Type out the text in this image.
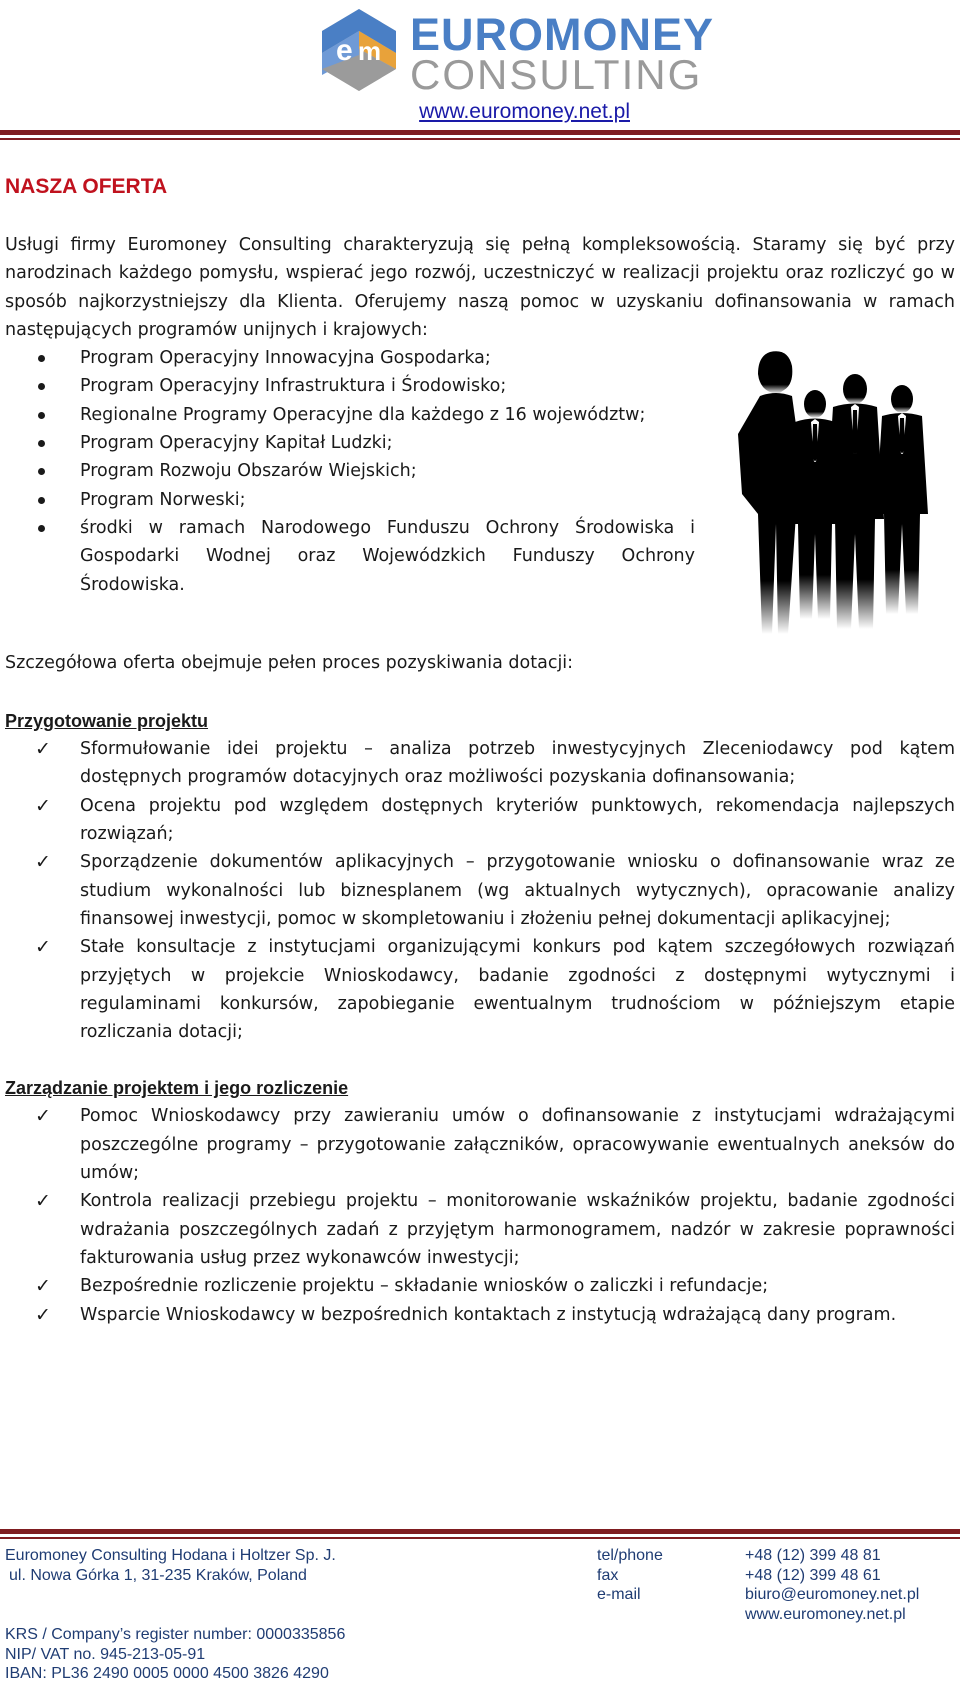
e m EUROMONEY
CONSULTING
www.euromoney.net.pl
NASZA OFERTA

Usługi firmy Euromoney Consulting charakteryzują się pełną kompleksowością. Staramy się być przy narodzinach każdego pomysłu, wspierać jego rozwój, uczestniczyć w realizacji projektu oraz rozliczyć go w sposób najkorzystniejszy dla Klienta. Oferujemy naszą pomoc w uzyskaniu dofinansowania w ramach następujących programów unijnych i krajowych:

Program Operacyjny Innowacyjna Gospodarka;
Program Operacyjny Infrastruktura i Środowisko;
Regionalne Programy Operacyjne dla każdego z 16 województw;
Program Operacyjny Kapitał Ludzki;
Program Rozwoju Obszarów Wiejskich;
Program Norweski;
środki w ramach Narodowego Funduszu Ochrony Środowiska i Gospodarki Wodnej oraz Wojewódzkich Funduszy Ochrony Środowiska.

Szczegółowa oferta obejmuje pełen proces pozyskiwania dotacji:

Przygotowanie projektu
✓ Sformułowanie idei projektu – analiza potrzeb inwestycyjnych Zleceniodawcy pod kątem dostępnych programów dotacyjnych oraz możliwości pozyskania dofinansowania;
✓ Ocena projektu pod względem dostępnych kryteriów punktowych, rekomendacja najlepszych rozwiązań;
✓ Sporządzenie dokumentów aplikacyjnych – przygotowanie wniosku o dofinansowanie wraz ze studium wykonalności lub biznesplanem (wg aktualnych wytycznych), opracowanie analizy finansowej inwestycji, pomoc w skompletowaniu i złożeniu pełnej dokumentacji aplikacyjnej;
✓ Stałe konsultacje z instytucjami organizującymi konkurs pod kątem szczegółowych rozwiązań przyjętych w projekcie Wnioskodawcy, badanie zgodności z dostępnymi wytycznymi i regulaminami konkursów, zapobieganie ewentualnym trudnościom w późniejszym etapie rozliczania dotacji;
Zarządzanie projektem i jego rozliczenie
✓ Pomoc Wnioskodawcy przy zawieraniu umów o dofinansowanie z instytucjami wdrażającymi poszczególne programy – przygotowanie załączników, opracowywanie ewentualnych aneksów do umów;
✓ Kontrola realizacji przebiegu projektu – monitorowanie wskaźników projektu, badanie zgodności wdrażania poszczególnych zadań z przyjętym harmonogramem, nadzór w zakresie poprawności fakturowania usług przez wykonawców inwestycji;
✓ Bezpośrednie rozliczenie projektu – składanie wniosków o zaliczki i refundacje;
✓ Wsparcie Wnioskodawcy w bezpośrednich kontaktach z instytucją wdrażającą dany program.
Euromoney Consulting Hodana i Holtzer Sp. J.
ul. Nowa Górka 1, 31-235 Kraków, Poland
tel/phone
fax
e-mail
+48 (12) 399 48 81
+48 (12) 399 48 61
biuro@euromoney.net.pl
www.euromoney.net.pl
KRS / Company’s register number: 0000335856
NIP/ VAT no. 945-213-05-91
IBAN: PL36 2490 0005 0000 4500 3826 4290
